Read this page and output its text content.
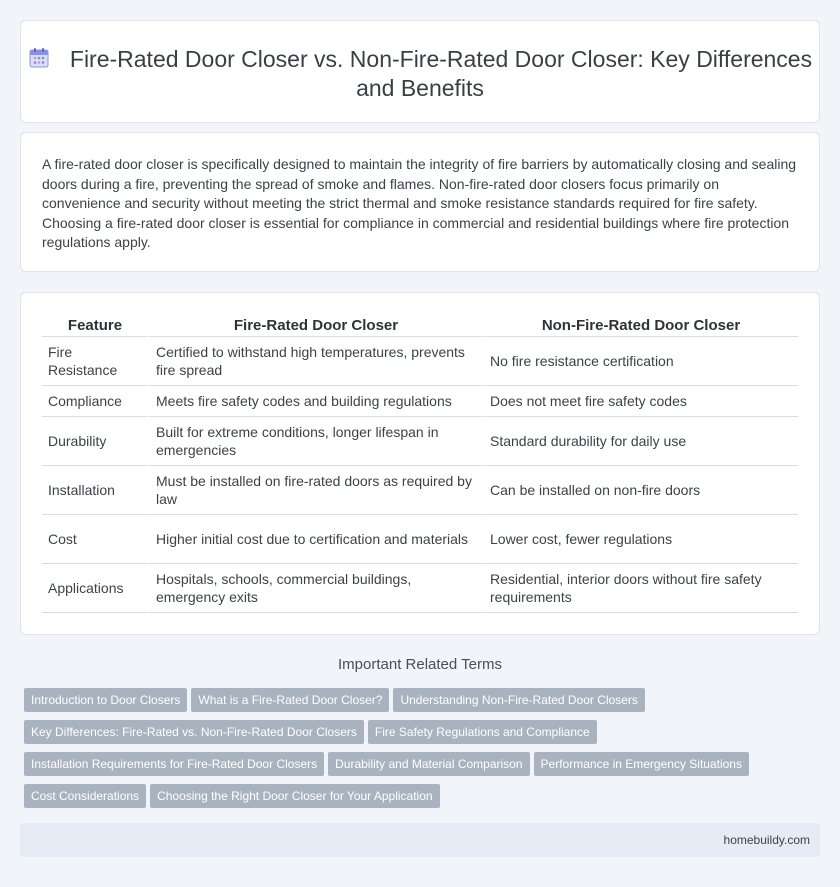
Fire-Rated Door Closer vs. Non-Fire-Rated Door Closer: Key Differences and Benefits

A fire-rated door closer is specifically designed to maintain the integrity of fire barriers by automatically closing and sealing doors during a fire, preventing the spread of smoke and flames. Non-fire-rated door closers focus primarily on convenience and security without meeting the strict thermal and smoke resistance standards required for fire safety. Choosing a fire-rated door closer is essential for compliance in commercial and residential buildings where fire protection regulations apply.

Feature	Fire-Rated Door Closer	Non-Fire-Rated Door Closer
Fire Resistance	Certified to withstand high temperatures, prevents fire spread	No fire resistance certification
Compliance	Meets fire safety codes and building regulations	Does not meet fire safety codes
Durability	Built for extreme conditions, longer lifespan in emergencies	Standard durability for daily use
Installation	Must be installed on fire-rated doors as required by law	Can be installed on non-fire doors
Cost	Higher initial cost due to certification and materials	Lower cost, fewer regulations
Applications	Hospitals, schools, commercial buildings, emergency exits	Residential, interior doors without fire safety requirements
Important Related Terms
Introduction to Door Closers What is a Fire-Rated Door Closer? Understanding Non-Fire-Rated Door Closers
Key Differences: Fire-Rated vs. Non-Fire-Rated Door Closers Fire Safety Regulations and Compliance
Installation Requirements for Fire-Rated Door Closers Durability and Material Comparison Performance in Emergency Situations
Cost Considerations Choosing the Right Door Closer for Your Application
homebuildy.com
